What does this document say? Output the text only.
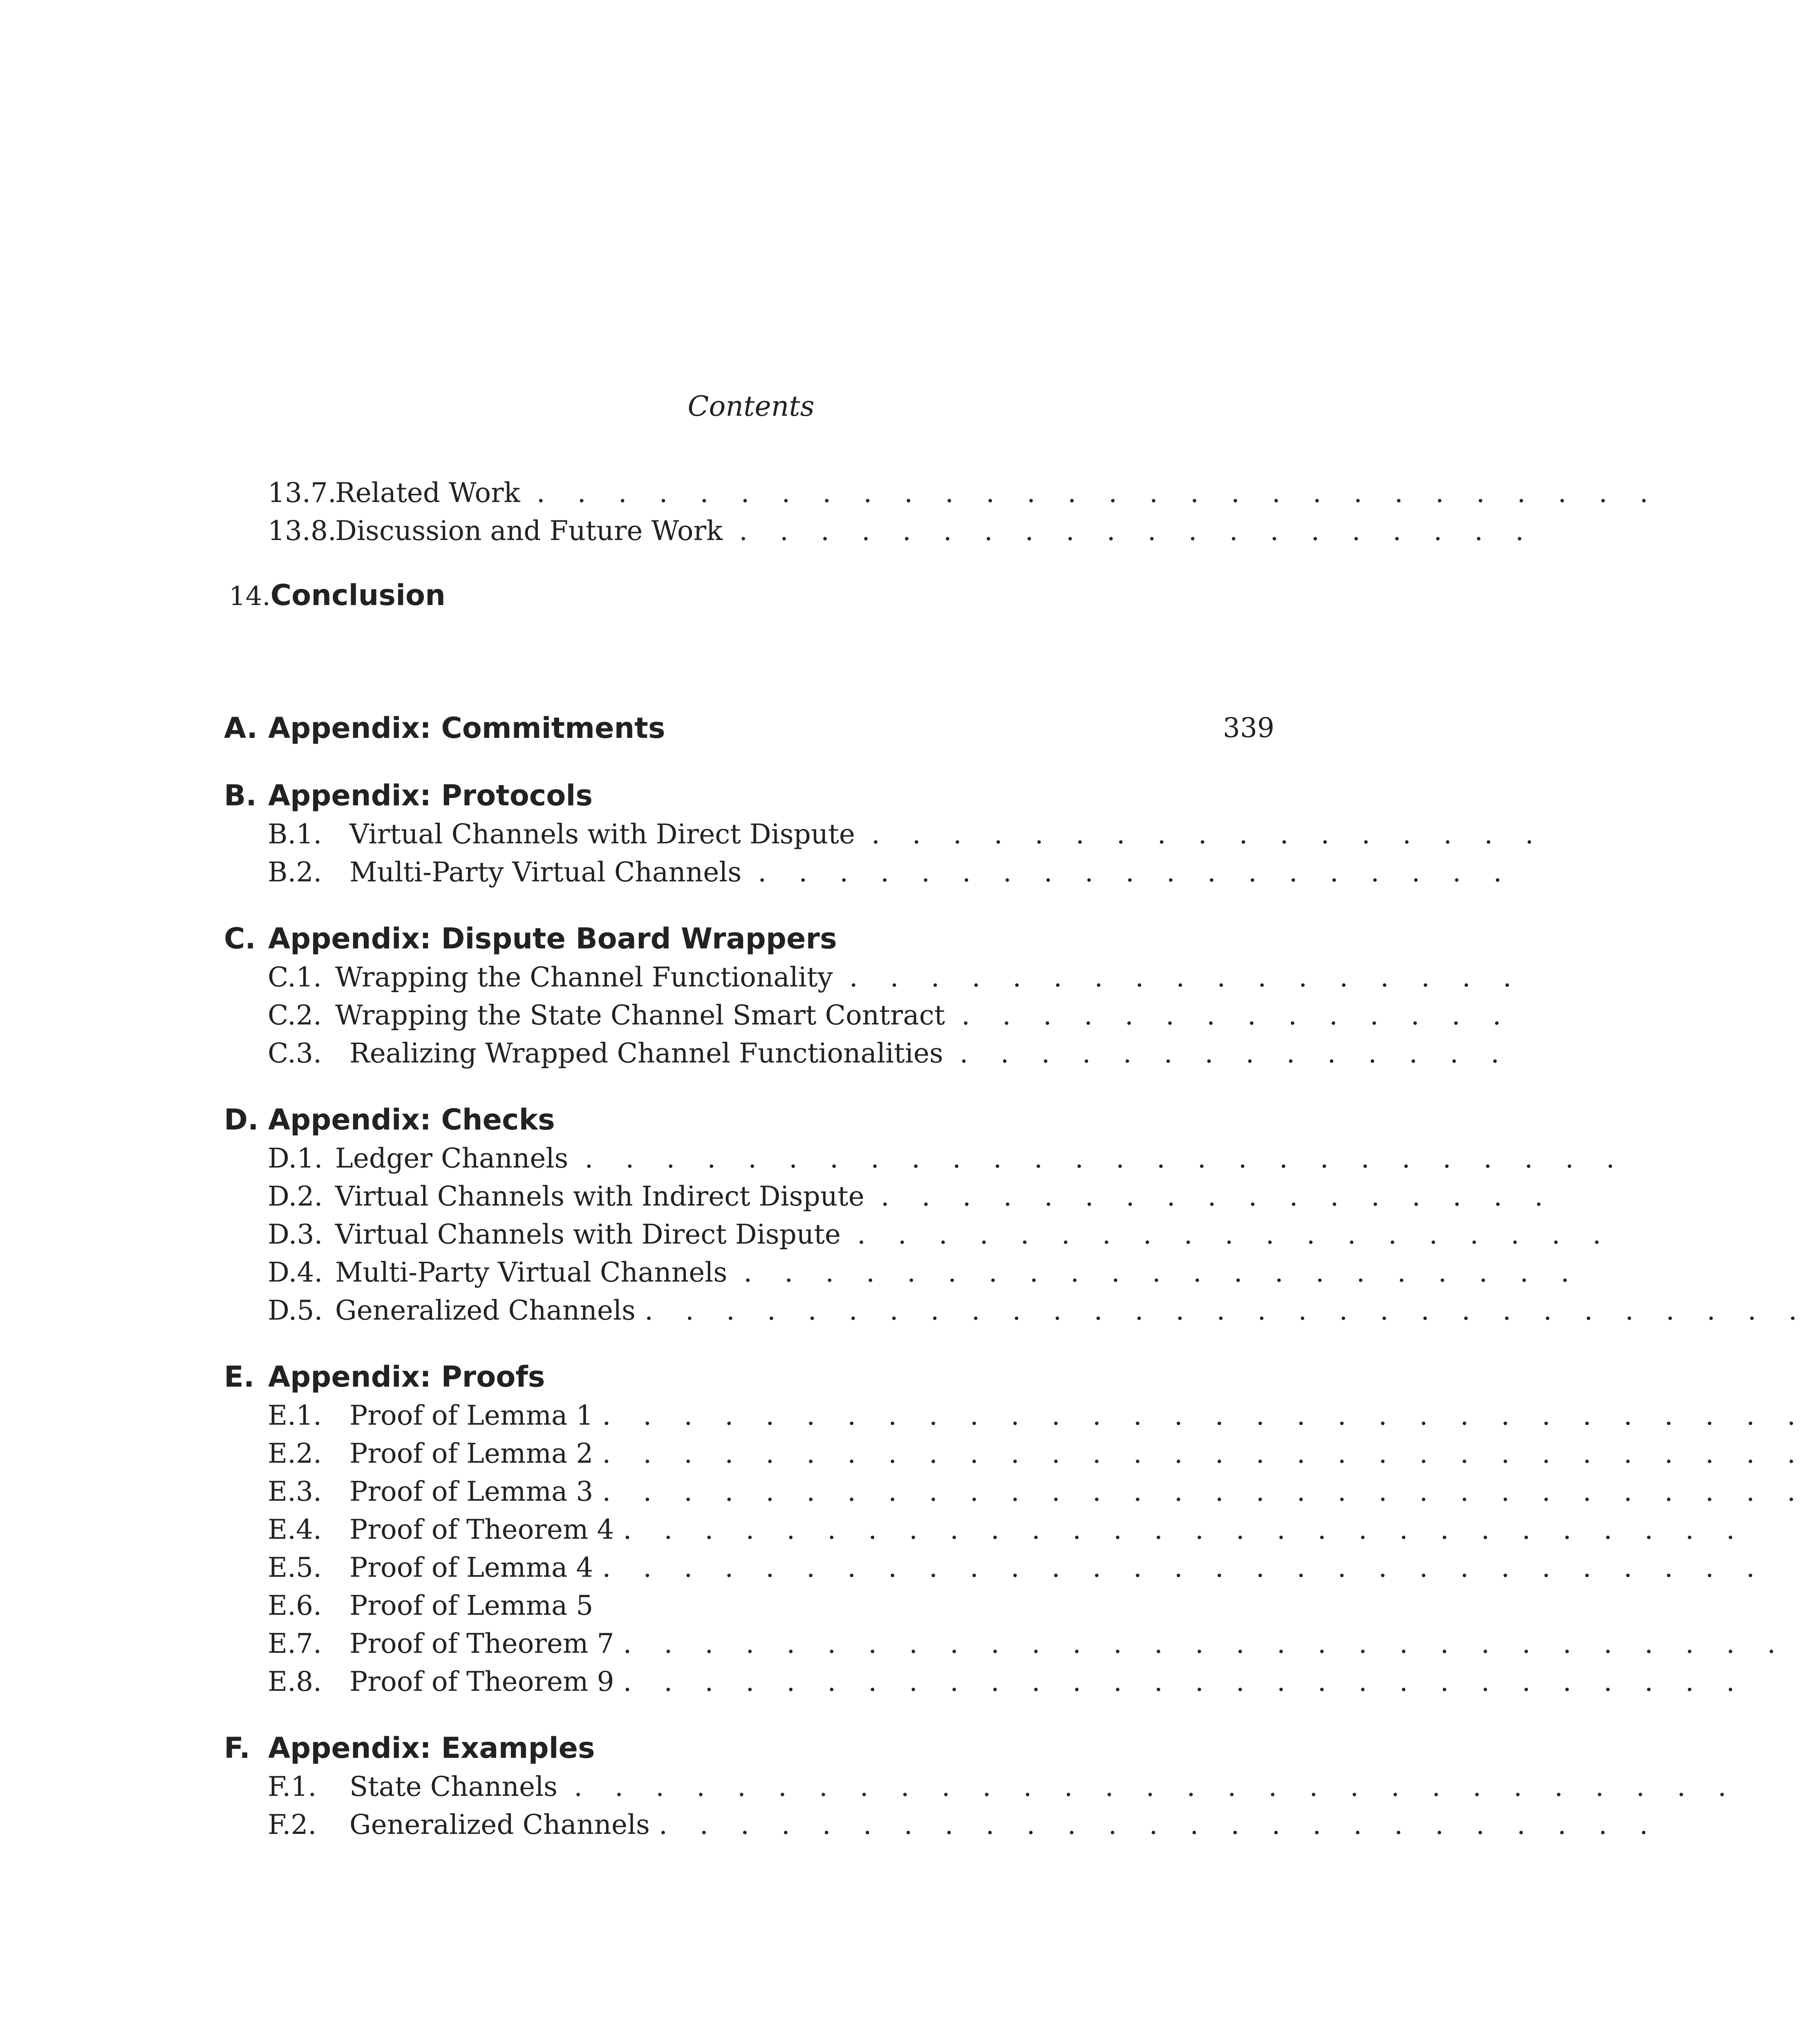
Contents
13.7.Related Work . . . . . . . . . . . . . . . . . . . . . . . . . . . .
13.8.Discussion and Future Work . . . . . . . . . . . . . . . . . . . .
14.Conclusion
A. Appendix: Commitments	339
B. Appendix: Protocols
B.1. Virtual Channels with Direct Dispute . . . . . . . . . . . . . . . . .
B.2. Multi-Party Virtual Channels . . . . . . . . . . . . . . . . . . .
C. Appendix: Dispute Board Wrappers
C.1. Wrapping the Channel Functionality . . . . . . . . . . . . . . . . .
C.2. Wrapping the State Channel Smart Contract . . . . . . . . . . . . . .
C.3. Realizing Wrapped Channel Functionalities . . . . . . . . . . . . . .
D. Appendix: Checks
D.1. Ledger Channels . . . . . . . . . . . . . . . . . . . . . . . . . .
D.2. Virtual Channels with Indirect Dispute . . . . . . . . . . . . . . . . .
D.3. Virtual Channels with Direct Dispute . . . . . . . . . . . . . . . . . . .
D.4. Multi-Party Virtual Channels . . . . . . . . . . . . . . . . . . . . .
D.5. Generalized Channels . . . . . . . . . . . . . . . . . . . . . . . . . . . . .
E. Appendix: Proofs
E.1. Proof of Lemma 1 . . . . . . . . . . . . . . . . . . . . . . . . . . . . . .
E.2. Proof of Lemma 2 . . . . . . . . . . . . . . . . . . . . . . . . . . . . . .
E.3. Proof of Lemma 3 . . . . . . . . . . . . . . . . . . . . . . . . . . . . . .
E.4. Proof of Theorem 4 . . . . . . . . . . . . . . . . . . . . . . . . . . . .
E.5. Proof of Lemma 4 . . . . . . . . . . . . . . . . . . . . . . . . . . . . .
E.6. Proof of Lemma 5
E.7. Proof of Theorem 7 . . . . . . . . . . . . . . . . . . . . . . . . . . . . .
E.8. Proof of Theorem 9 . . . . . . . . . . . . . . . . . . . . . . . . . . . .
F. Appendix: Examples
F.1. State Channels . . . . . . . . . . . . . . . . . . . . . . . . . . . . .
F.2. Generalized Channels . . . . . . . . . . . . . . . . . . . . . . . . .
